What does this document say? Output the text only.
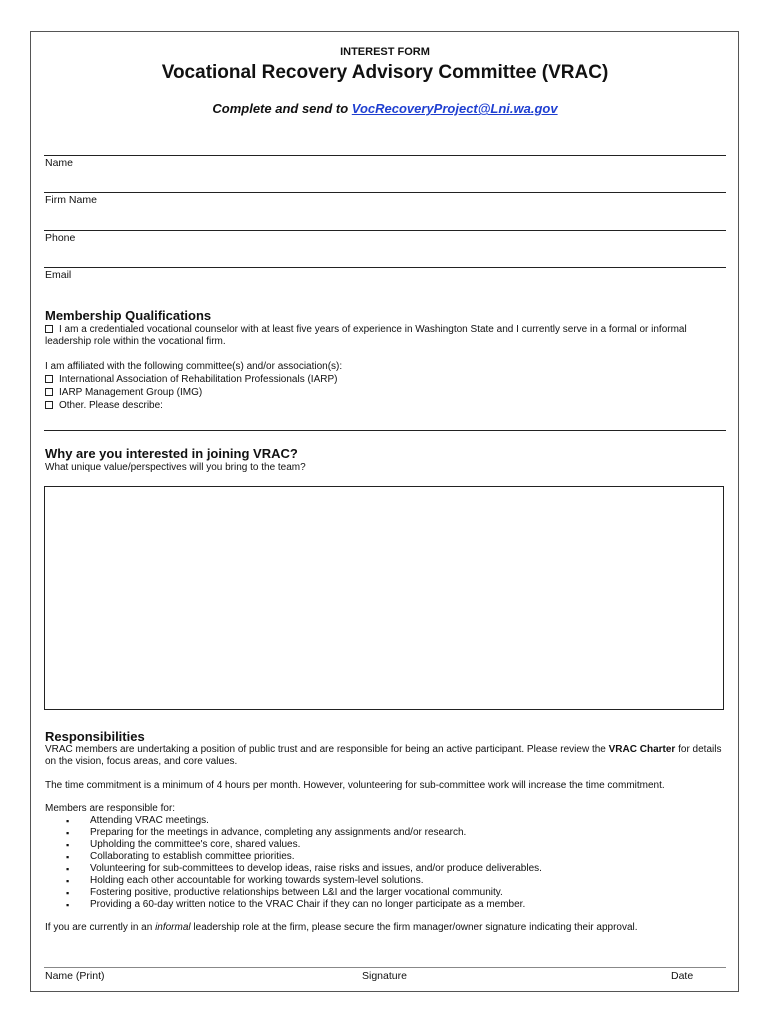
INTEREST FORM
Vocational Recovery Advisory Committee (VRAC)
Complete and send to VocRecoveryProject@Lni.wa.gov
Name
Firm Name
Phone
Email
Membership Qualifications
I am a credentialed vocational counselor with at least five years of experience in Washington State and I currently serve in a formal or informal leadership role within the vocational firm.
I am affiliated with the following committee(s) and/or association(s):
International Association of Rehabilitation Professionals (IARP)
IARP Management Group (IMG)
Other. Please describe:
Why are you interested in joining VRAC?
What unique value/perspectives will you bring to the team?
Responsibilities
VRAC members are undertaking a position of public trust and are responsible for being an active participant. Please review the VRAC Charter for details on the vision, focus areas, and core values.
The time commitment is a minimum of 4 hours per month. However, volunteering for sub-committee work will increase the time commitment.
Members are responsible for:
▪ Attending VRAC meetings.
▪ Preparing for the meetings in advance, completing any assignments and/or research.
▪ Upholding the committee's core, shared values.
▪ Collaborating to establish committee priorities.
▪ Volunteering for sub-committees to develop ideas, raise risks and issues, and/or produce deliverables.
▪ Holding each other accountable for working towards system-level solutions.
▪ Fostering positive, productive relationships between L&I and the larger vocational community.
▪ Providing a 60-day written notice to the VRAC Chair if they can no longer participate as a member.
If you are currently in an informal leadership role at the firm, please secure the firm manager/owner signature indicating their approval.
Name (Print)	Signature	Date
